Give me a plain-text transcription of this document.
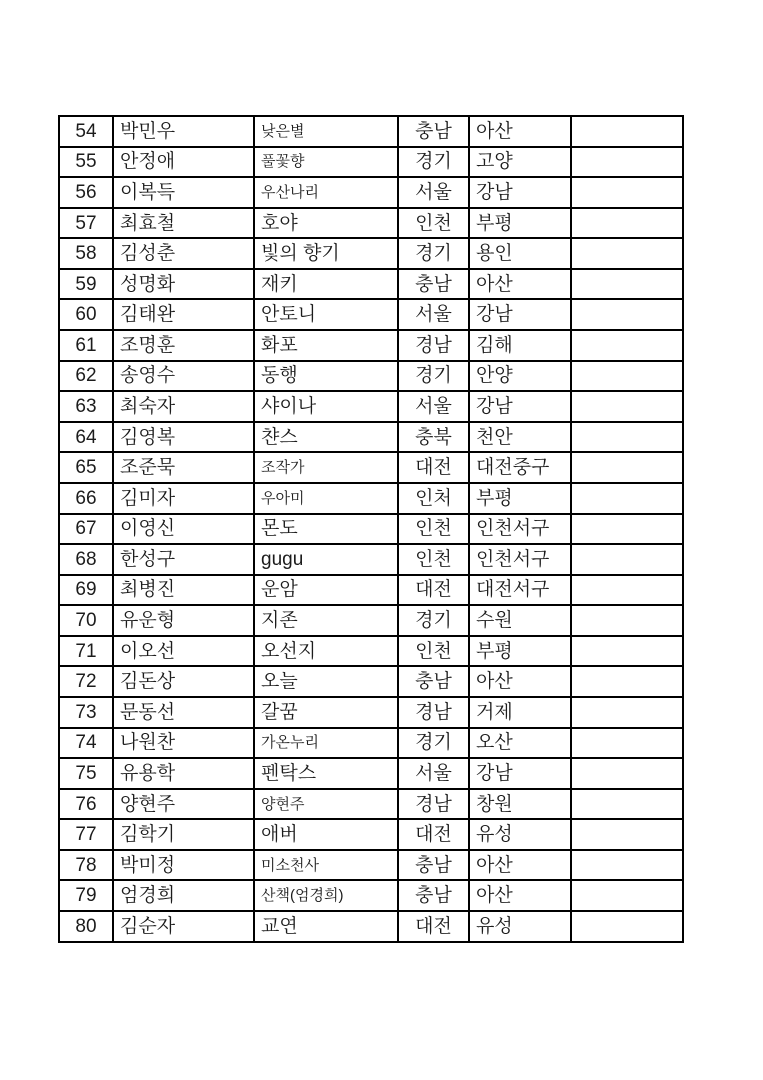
54	박민우	낮은별	충남	아산	
55	안정애	풀꽃향	경기	고양	
56	이복득	우산나리	서울	강남	
57	최효철	호야	인천	부평	
58	김성춘	빛의 향기	경기	용인	
59	성명화	재키	충남	아산	
60	김태완	안토니	서울	강남	
61	조명훈	화포	경남	김해	
62	송영수	동행	경기	안양	
63	최숙자	샤이나	서울	강남	
64	김영복	챤스	충북	천안	
65	조준묵	조작가	대전	대전중구	
66	김미자	우아미	인처	부평	
67	이영신	몬도	인천	인천서구	
68	한성구	gugu	인천	인천서구	
69	최병진	운암	대전	대전서구	
70	유운형	지존	경기	수원	
71	이오선	오선지	인천	부평	
72	김돈상	오늘	충남	아산	
73	문동선	갈꿈	경남	거제	
74	나원찬	가온누리	경기	오산	
75	유용학	펜탁스	서울	강남	
76	양현주	양현주	경남	창원	
77	김학기	애버	대전	유성	
78	박미정	미소천사	충남	아산	
79	엄경희	산책(엄경희)	충남	아산	
80	김순자	교연	대전	유성	
